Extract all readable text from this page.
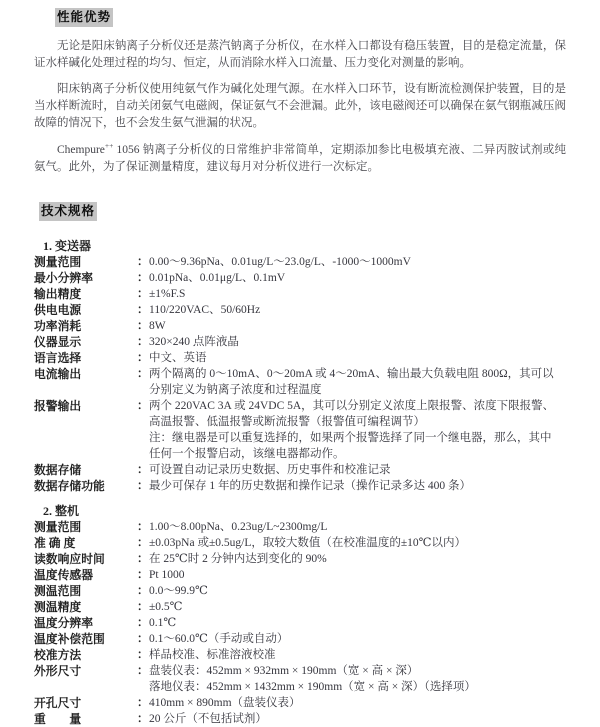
性能优势

无论是阳床钠离子分析仪还是蒸汽钠离子分析仪，在水样入口都设有稳压装置，目的是稳定流量，保证水样碱化处理过程的均匀、恒定，从而消除水样入口流量、压力变化对测量的影响。

阳床钠离子分析仪使用纯氨气作为碱化处理气源。在水样入口环节，设有断流检测保护装置，目的是当水样断流时，自动关闭氨气电磁阀，保证氨气不会泄漏。此外，该电磁阀还可以确保在氨气钢瓶减压阀故障的情况下，也不会发生氨气泄漏的状况。

Chempure++ 1056 钠离子分析仪的日常维护非常简单，定期添加参比电极填充液、二异丙胺试剂或纯氨气。此外，为了保证测量精度，建议每月对分析仪进行一次标定。

技术规格
1. 变送器
测量范围	： 0.00～9.36pNa、0.01ug/L～23.0g/L、-1000～1000mV
最小分辨率	： 0.01pNa、0.01μg/L、0.1mV
输出精度	： ±1%F.S
供电电源	： 110/220VAC、50/60Hz
功率消耗	： 8W
仪器显示	： 320×240 点阵液晶
语言选择	： 中文、英语
电流输出	： 两个隔离的 0～10mA、0～20mA 或 4～20mA、输出最大负载电阻 800Ω，其可以
分别定义为钠离子浓度和过程温度
报警输出	： 两个 220VAC 3A 或 24VDC 5A，其可以分别定义浓度上限报警、浓度下限报警、
高温报警、低温报警或断流报警（报警值可编程调节）
注：继电器是可以重复选择的，如果两个报警选择了同一个继电器，那么，其中
任何一个报警启动，该继电器都动作。
数据存储	： 可设置自动记录历史数据、历史事件和校准记录
数据存储功能	： 最少可保存 1 年的历史数据和操作记录（操作记录多达 400 条）
2. 整机
测量范围	： 1.00～8.00pNa、0.23ug/L~2300mg/L
准 确 度	： ±0.03pNa 或±0.5ug/L，取较大数值（在校准温度的±10℃以内）
读数响应时间	： 在 25℃时 2 分钟内达到变化的 90%
温度传感器	： Pt 1000
测温范围	： 0.0～99.9℃
测温精度	： ±0.5℃
温度分辨率	： 0.1℃
温度补偿范围	： 0.1～60.0℃（手动或自动）
校准方法	： 样品校准、标准溶液校准
外形尺寸	： 盘装仪表：452mm × 932mm × 190mm（宽 × 高 × 深）
落地仪表：452mm × 1432mm × 190mm（宽 × 高 × 深）（选择项）
开孔尺寸	： 410mm × 890mm（盘装仪表）
重　　量	： 20 公斤（不包括试剂）
